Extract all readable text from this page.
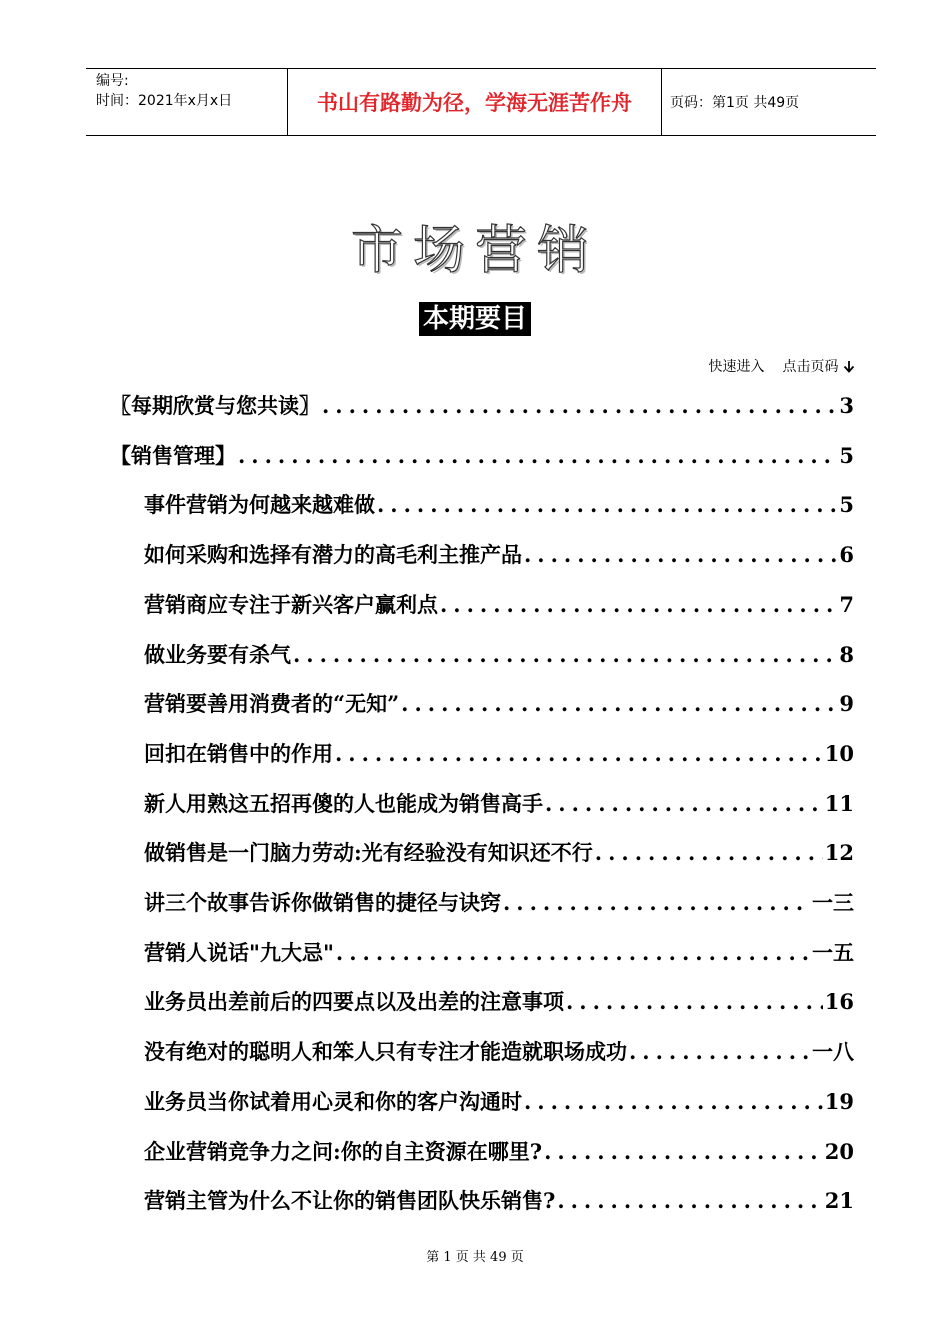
编号:
时间：2021年x月x日	书山有路勤为径，学海无涯苦作舟	页码：第1页 共49页
市场营销
本期要目
快速进入 点击页码
〖每期欣赏与您共读〗 .....	3
【销售管理】 .....	5
事件营销为何越来越难做 .....	5
如何采购和选择有潜力的高毛利主推产品 .....	6
营销商应专注于新兴客户赢利点 .....	7
做业务要有杀气 .....	8
营销要善用消费者的“无知” .....	9
回扣在销售中的作用 .....	10
新人用熟这五招再傻的人也能成为销售高手 .....	11
做销售是一门脑力劳动:光有经验没有知识还不行 .....	12
讲三个故事告诉你做销售的捷径与诀窍 .....	一三
营销人说话"九大忌" .....	一五
业务员出差前后的四要点以及出差的注意事项 .....	16
没有绝对的聪明人和笨人只有专注才能造就职场成功 .....	一八
业务员当你试着用心灵和你的客户沟通时 .....	19
企业营销竞争力之问:你的自主资源在哪里? .....	20
营销主管为什么不让你的销售团队快乐销售? .....	21
第 1 页 共 49 页
